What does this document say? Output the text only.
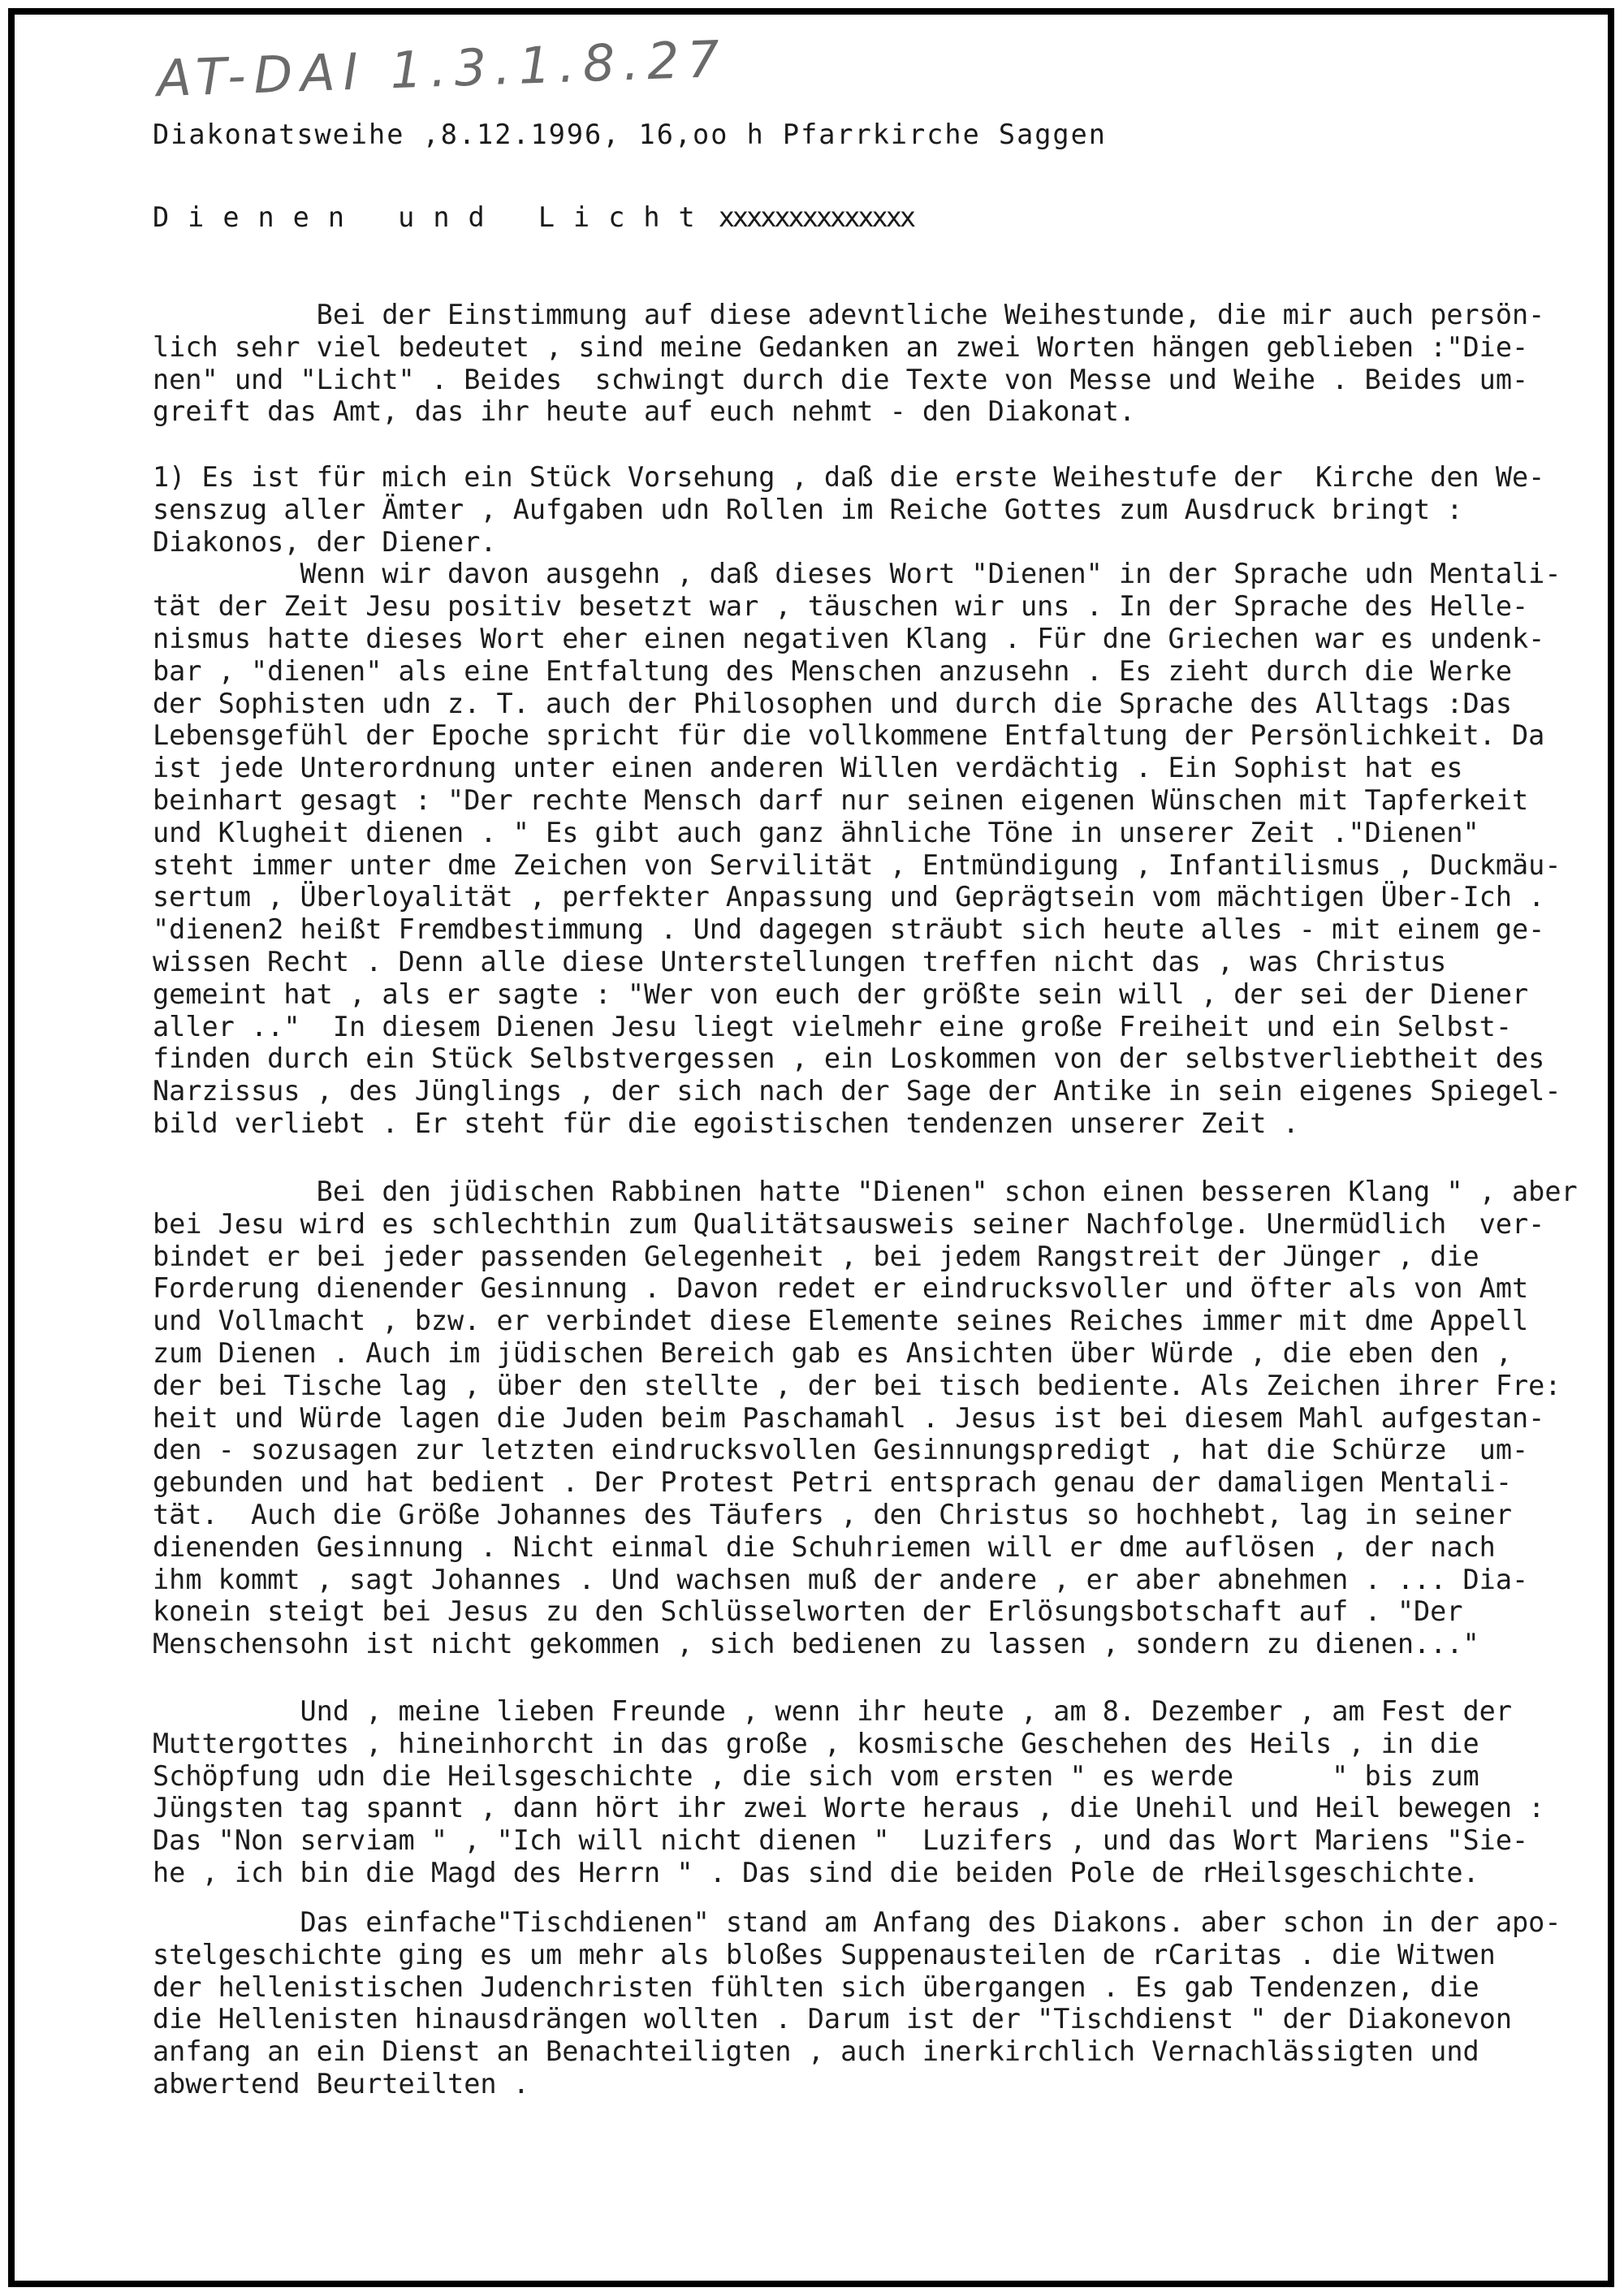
AT-DAI 1.3.1.8.27
Diakonatsweihe ,8.12.1996, 16,oo h Pfarrkirche Saggen
Dienen und Licht xxxxxxxxxxxxxx
Bei der Einstimmung auf diese adevntliche Weihestunde, die mir auch persön-
lich sehr viel bedeutet , sind meine Gedanken an zwei Worten hängen geblieben :"Die-
nen" und "Licht" . Beides  schwingt durch die Texte von Messe und Weihe . Beides um-
greift das Amt, das ihr heute auf euch nehmt - den Diakonat.
1) Es ist für mich ein Stück Vorsehung , daß die erste Weihestufe der  Kirche den We-
senszug aller Ämter , Aufgaben udn Rollen im Reiche Gottes zum Ausdruck bringt :
Diakonos, der Diener.
Wenn wir davon ausgehn , daß dieses Wort "Dienen" in der Sprache udn Mentali-
tät der Zeit Jesu positiv besetzt war , täuschen wir uns . In der Sprache des Helle-
nismus hatte dieses Wort eher einen negativen Klang . Für dne Griechen war es undenk-
bar , "dienen" als eine Entfaltung des Menschen anzusehn . Es zieht durch die Werke
der Sophisten udn z. T. auch der Philosophen und durch die Sprache des Alltags :Das
Lebensgefühl der Epoche spricht für die vollkommene Entfaltung der Persönlichkeit. Da
ist jede Unterordnung unter einen anderen Willen verdächtig . Ein Sophist hat es
beinhart gesagt : "Der rechte Mensch darf nur seinen eigenen Wünschen mit Tapferkeit
und Klugheit dienen . " Es gibt auch ganz ähnliche Töne in unserer Zeit ."Dienen"
steht immer unter dme Zeichen von Servilität , Entmündigung , Infantilismus , Duckmäu-
sertum , Überloyalität , perfekter Anpassung und Geprägtsein vom mächtigen Über-Ich .
"dienen2 heißt Fremdbestimmung . Und dagegen sträubt sich heute alles - mit einem ge-
wissen Recht . Denn alle diese Unterstellungen treffen nicht das , was Christus
gemeint hat , als er sagte : "Wer von euch der größte sein will , der sei der Diener
aller .."  In diesem Dienen Jesu liegt vielmehr eine große Freiheit und ein Selbst-
finden durch ein Stück Selbstvergessen , ein Loskommen von der selbstverliebtheit des
Narzissus , des Jünglings , der sich nach der Sage der Antike in sein eigenes Spiegel-
bild verliebt . Er steht für die egoistischen tendenzen unserer Zeit .
Bei den jüdischen Rabbinen hatte "Dienen" schon einen besseren Klang " , aber
bei Jesu wird es schlechthin zum Qualitätsausweis seiner Nachfolge. Unermüdlich  ver-
bindet er bei jeder passenden Gelegenheit , bei jedem Rangstreit der Jünger , die
Forderung dienender Gesinnung . Davon redet er eindrucksvoller und öfter als von Amt
und Vollmacht , bzw. er verbindet diese Elemente seines Reiches immer mit dme Appell
zum Dienen . Auch im jüdischen Bereich gab es Ansichten über Würde , die eben den ,
der bei Tische lag , über den stellte , der bei tisch bediente. Als Zeichen ihrer Fre:
heit und Würde lagen die Juden beim Paschamahl . Jesus ist bei diesem Mahl aufgestan-
den - sozusagen zur letzten eindrucksvollen Gesinnungspredigt , hat die Schürze  um-
gebunden und hat bedient . Der Protest Petri entsprach genau der damaligen Mentali-
tät.  Auch die Größe Johannes des Täufers , den Christus so hochhebt, lag in seiner
dienenden Gesinnung . Nicht einmal die Schuhriemen will er dme auflösen , der nach
ihm kommt , sagt Johannes . Und wachsen muß der andere , er aber abnehmen . ... Dia-
konein steigt bei Jesus zu den Schlüsselworten der Erlösungsbotschaft auf . "Der
Menschensohn ist nicht gekommen , sich bedienen zu lassen , sondern zu dienen..."
Und , meine lieben Freunde , wenn ihr heute , am 8. Dezember , am Fest der
Muttergottes , hineinhorcht in das große , kosmische Geschehen des Heils , in die
Schöpfung udn die Heilsgeschichte , die sich vom ersten " es werde      " bis zum
Jüngsten tag spannt , dann hört ihr zwei Worte heraus , die Unehil und Heil bewegen :
Das "Non serviam " , "Ich will nicht dienen "  Luzifers , und das Wort Mariens "Sie-
he , ich bin die Magd des Herrn " . Das sind die beiden Pole de rHeilsgeschichte.
Das einfache"Tischdienen" stand am Anfang des Diakons. aber schon in der apo-
stelgeschichte ging es um mehr als bloßes Suppenausteilen de rCaritas . die Witwen
der hellenistischen Judenchristen fühlten sich übergangen . Es gab Tendenzen, die
die Hellenisten hinausdrängen wollten . Darum ist der "Tischdienst " der Diakonevon
anfang an ein Dienst an Benachteiligten , auch inerkirchlich Vernachlässigten und
abwertend Beurteilten .
